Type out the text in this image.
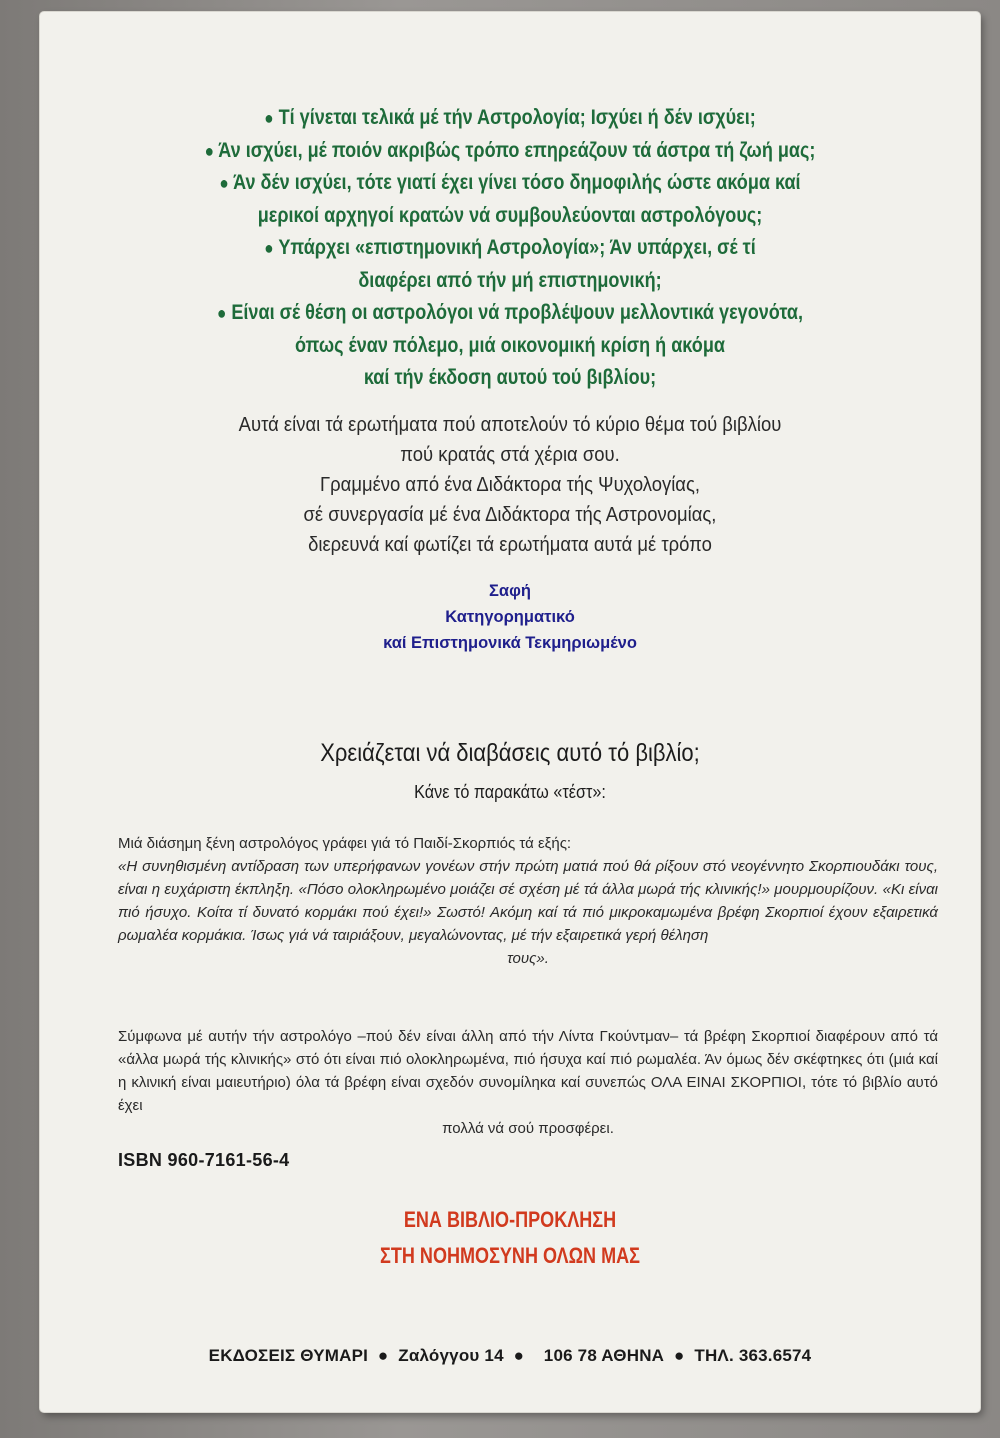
● Τί γίνεται τελικά μέ τήν Αστρολογία; Ισχύει ή δέν ισχύει;
● Άν ισχύει, μέ ποιόν ακριβώς τρόπο επηρεάζουν τά άστρα τή ζωή μας;
● Άν δέν ισχύει, τότε γιατί έχει γίνει τόσο δημοφιλής ώστε ακόμα καί
μερικοί αρχηγοί κρατών νά συμβουλεύονται αστρολόγους;
● Υπάρχει «επιστημονική Αστρολογία»; Άν υπάρχει, σέ τί
διαφέρει από τήν μή επιστημονική;
● Είναι σέ θέση οι αστρολόγοι νά προβλέψουν μελλοντικά γεγονότα,
όπως έναν πόλεμο, μιά οικονομική κρίση ή ακόμα
καί τήν έκδοση αυτού τού βιβλίου;
Αυτά είναι τά ερωτήματα πού αποτελούν τό κύριο θέμα τού βιβλίου
πού κρατάς στά χέρια σου.
Γραμμένο από ένα Διδάκτορα τής Ψυχολογίας,
σέ συνεργασία μέ ένα Διδάκτορα τής Αστρονομίας,
διερευνά καί φωτίζει τά ερωτήματα αυτά μέ τρόπο
Σαφή
Κατηγορηματικό
καί Επιστημονικά Τεκμηριωμένο
Χρειάζεται νά διαβάσεις αυτό τό βιβλίο;
Κάνε τό παρακάτω «τέστ»:
Μιά διάσημη ξένη αστρολόγος γράφει γιά τό Παιδί-Σκορπιός τά εξής:
«Η συνηθισμένη αντίδραση των υπερήφανων γονέων στήν πρώτη ματιά πού θά ρίξουν στό νεογέννητο Σκορπιουδάκι τους, είναι η ευχάριστη έκπληξη. «Πόσο ολοκληρωμένο μοιάζει σέ σχέση μέ τά άλλα μωρά τής κλινικής!» μουρμουρίζουν. «Κι είναι πιό ήσυχο. Κοίτα τί δυνατό κορμάκι πού έχει!» Σωστό! Ακόμη καί τά πιό μικροκαμωμένα βρέφη Σκορπιοί έχουν εξαιρετικά ρωμαλέα κορμάκια. Ίσως γιά νά ταιριάξουν, μεγαλώνοντας, μέ τήν εξαιρετικά γερή θέληση
τους».
Σύμφωνα μέ αυτήν τήν αστρολόγο –πού δέν είναι άλλη από τήν Λίντα Γκούντμαν– τά βρέφη Σκορπιοί διαφέρουν από τά «άλλα μωρά τής κλινικής» στό ότι είναι πιό ολοκληρωμένα, πιό ήσυχα καί πιό ρωμαλέα. Άν όμως δέν σκέφτηκες ότι (μιά καί η κλινική είναι μαιευτήριο) όλα τά βρέφη είναι σχεδόν συνομίληκα καί συνεπώς ΟΛΑ ΕΙΝΑΙ ΣΚΟΡΠΙΟΙ, τότε τό βιβλίο αυτό έχει
πολλά νά σού προσφέρει.
ISBN 960-7161-56-4
ΕΝΑ ΒΙΒΛΙΟ-ΠΡΟΚΛΗΣΗ
ΣΤΗ ΝΟΗΜΟΣΥΝΗ ΟΛΩΝ ΜΑΣ
ΕΚΔΟΣΕΙΣ ΘΥΜΑΡΙ  ●  Ζαλόγγου 14  ●    106 78 ΑΘΗΝΑ  ●  ΤΗΛ. 363.6574
